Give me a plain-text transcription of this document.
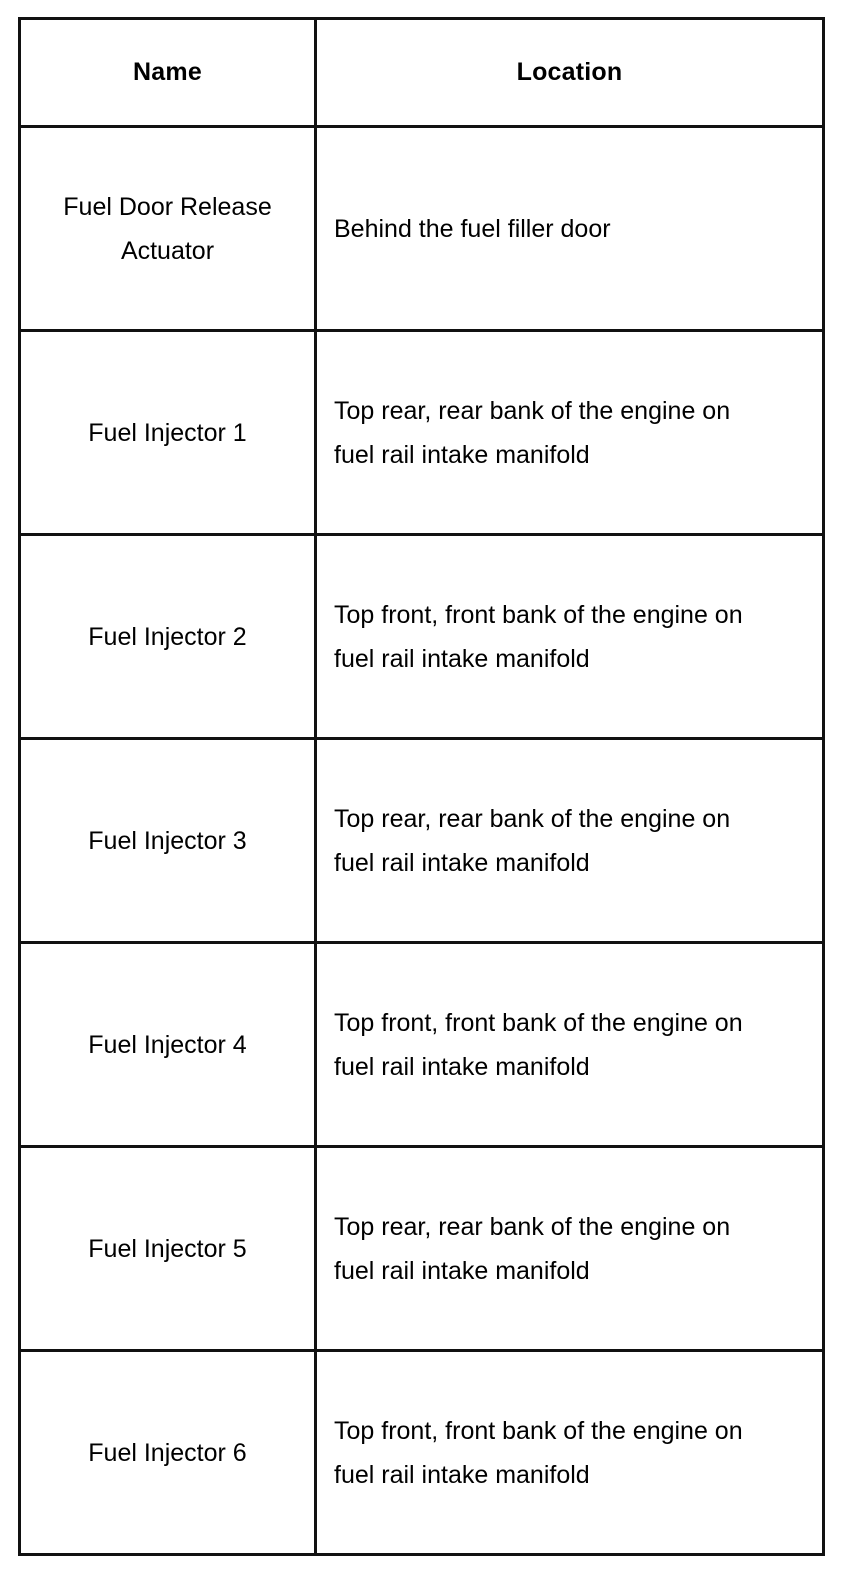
Name	Location
Fuel Door Release Actuator	Behind the fuel filler door
Fuel Injector 1	Top rear, rear bank of the engine on fuel rail intake manifold
Fuel Injector 2	Top front, front bank of the engine on fuel rail intake manifold
Fuel Injector 3	Top rear, rear bank of the engine on fuel rail intake manifold
Fuel Injector 4	Top front, front bank of the engine on fuel rail intake manifold
Fuel Injector 5	Top rear, rear bank of the engine on fuel rail intake manifold
Fuel Injector 6	Top front, front bank of the engine on fuel rail intake manifold
